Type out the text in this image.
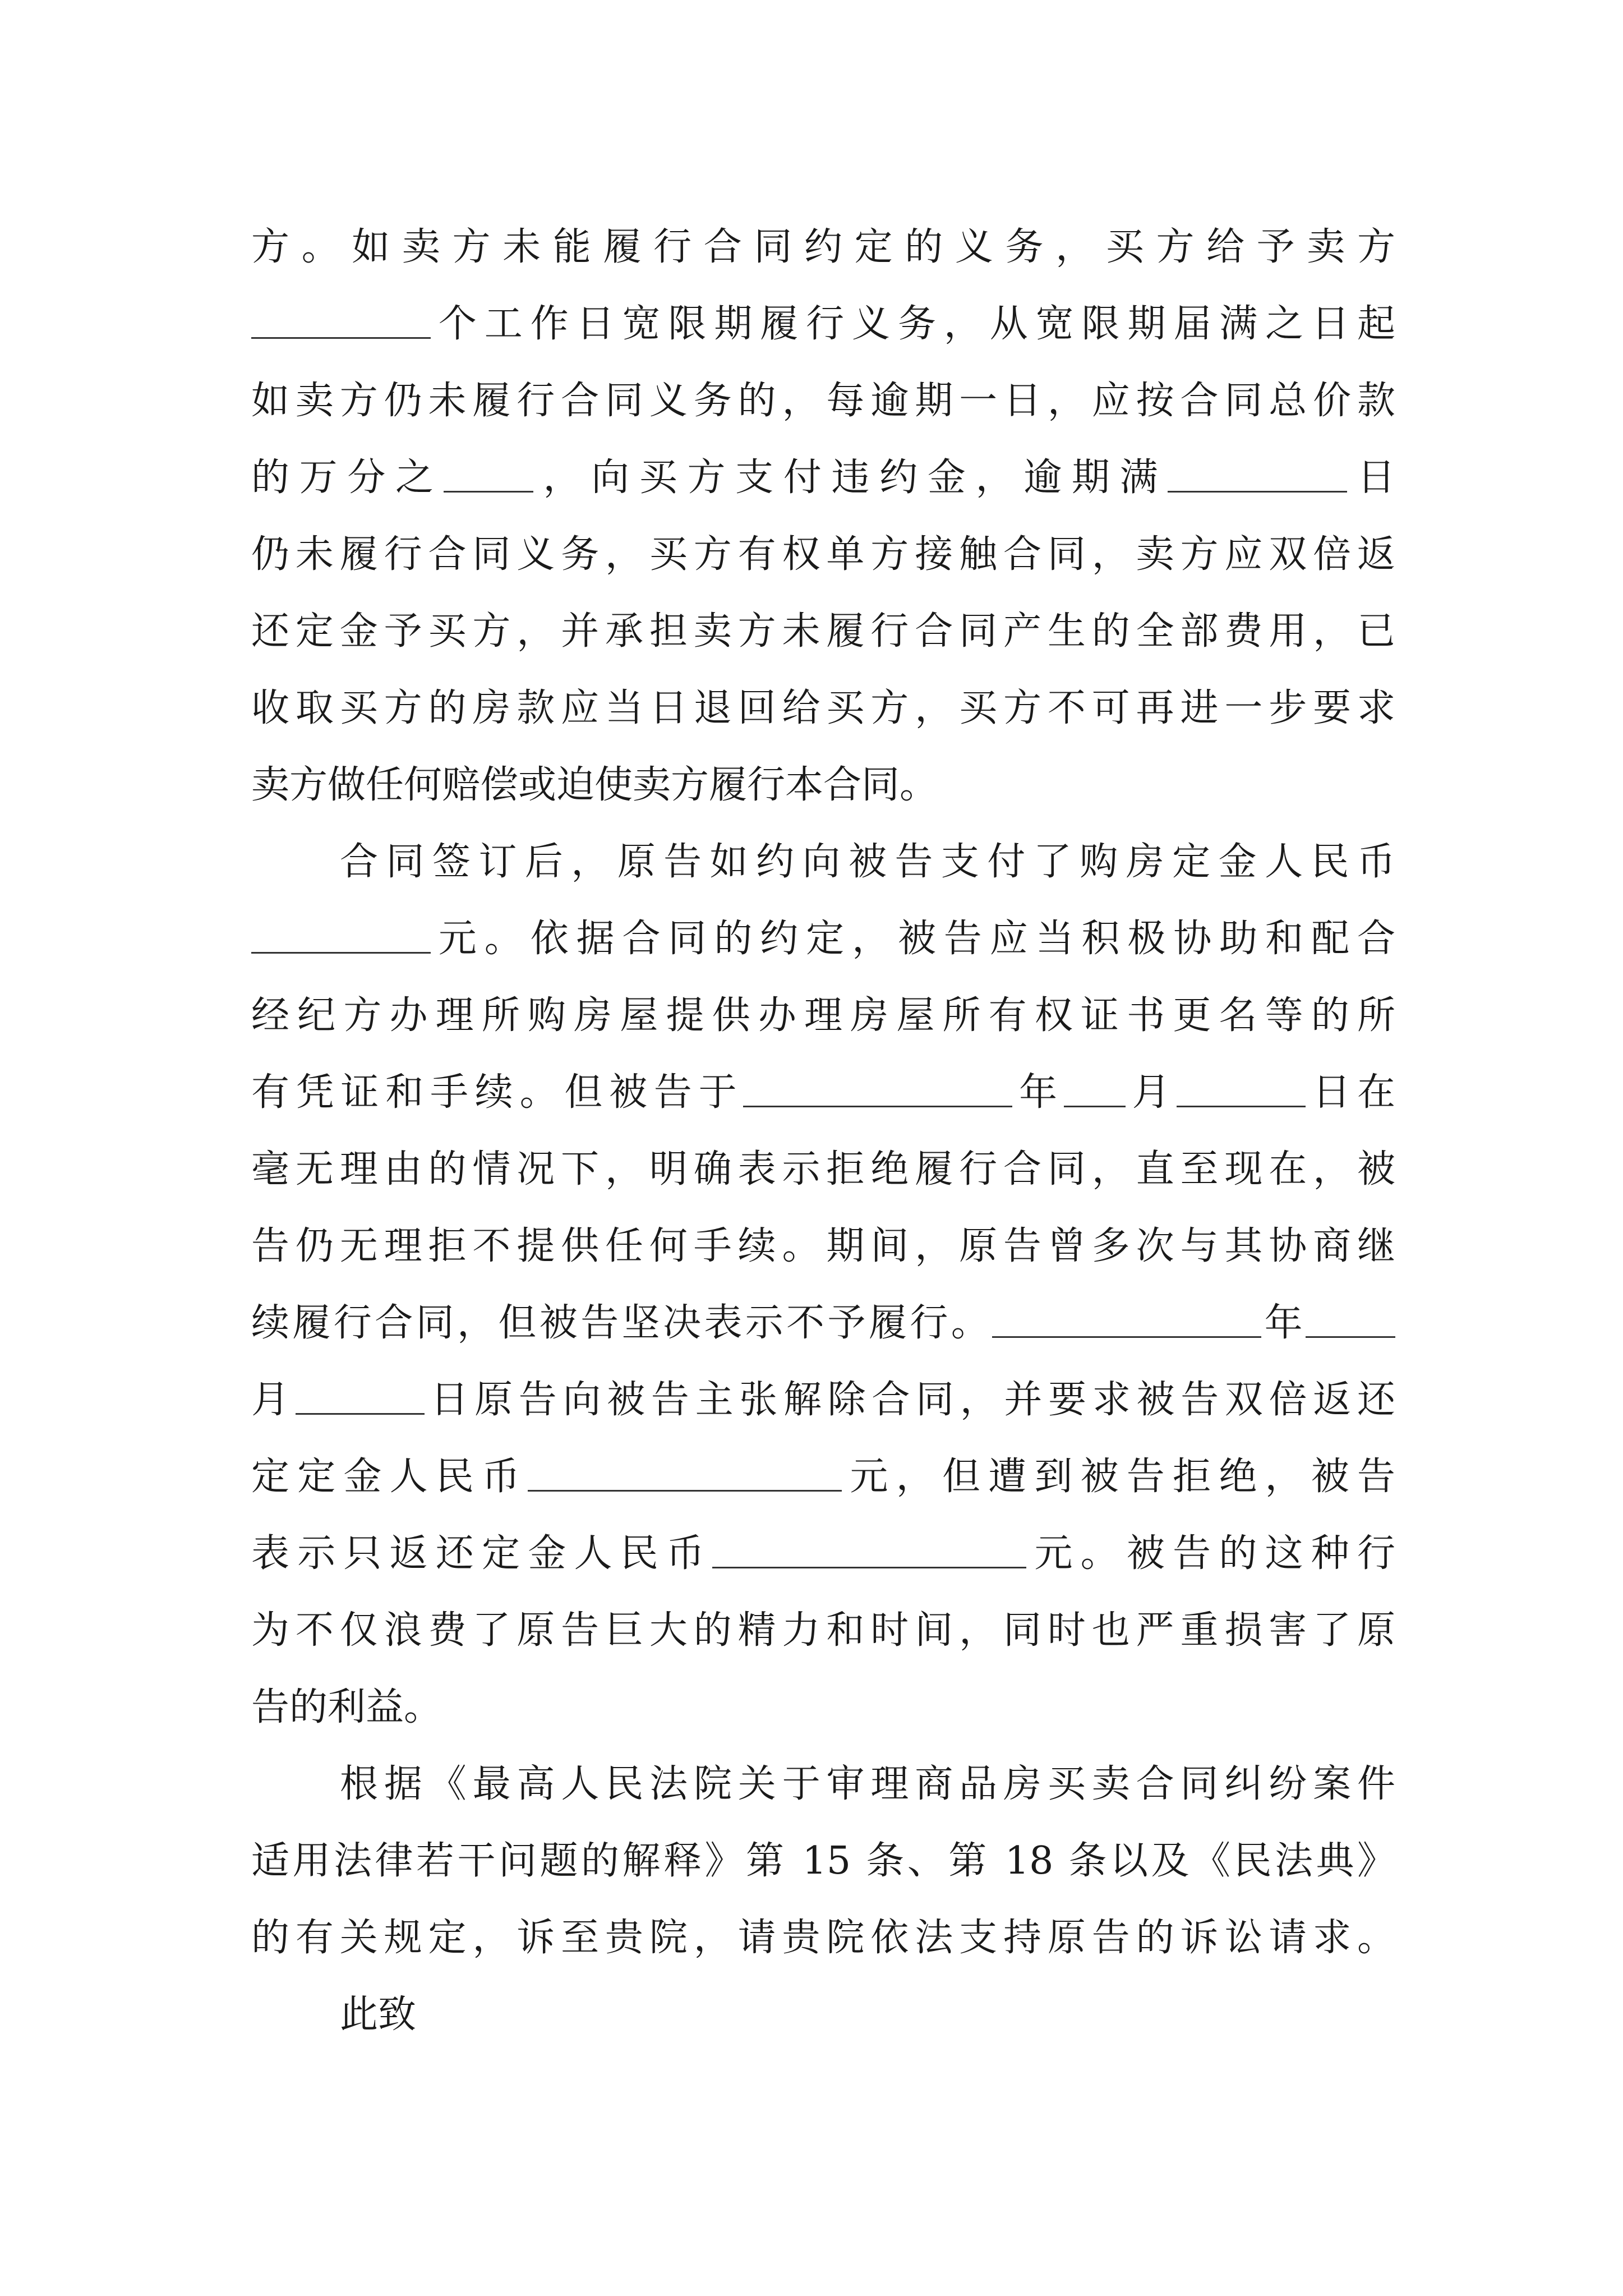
方。如卖方未能履行合同约定的义务，买方给予卖方
个工作日宽限期履行义务，从宽限期届满之日起
如卖方仍未履行合同义务的，每逾期一日，应按合同总价款
的万分之 ，向买方支付违约金，逾期满	日
仍未履行合同义务，买方有权单方接触合同，卖方应双倍返
还定金予买方，并承担卖方未履行合同产生的全部费用，已
收取买方的房款应当日退回给买方，买方不可再进一步要求
卖方做任何赔偿或迫使卖方履行本合同。
合同签订后，原告如约向被告支付了购房定金人民币
元。依据合同的约定，被告应当积极协助和配合
经纪方办理所购房屋提供办理房屋所有权证书更名等的所
有凭证和手续。但被告于	年 月	日在
毫无理由的情况下，明确表示拒绝履行合同，直至现在，被
告仍无理拒不提供任何手续。期间，原告曾多次与其协商继
续履行合同，但被告坚决表示不予履行。	年
月	日原告向被告主张解除合同，并要求被告双倍返还
定定金人民币	元，但遭到被告拒绝，被告
表示只返还定金人民币	元。被告的这种行
为不仅浪费了原告巨大的精力和时间，同时也严重损害了原
告的利益。
根据《最高人民法院关于审理商品房买卖合同纠纷案件
适用法律若干问题的解释》第 15 条、第 18 条以及《民法典》
的有关规定，诉至贵院，请贵院依法支持原告的诉讼请求。
此致
